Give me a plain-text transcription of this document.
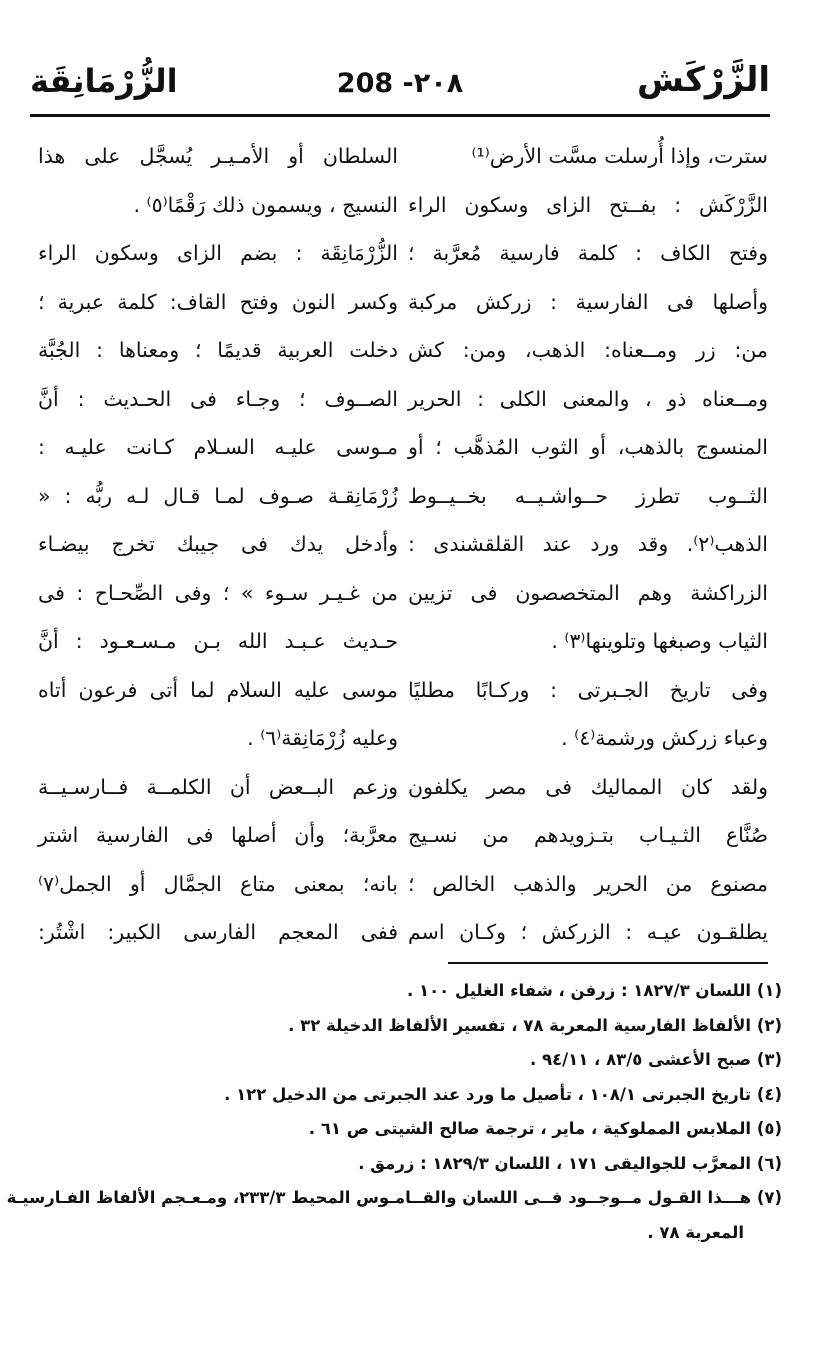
الزَّرْكَش
208 -٢٠٨
الزُّرْمَانِقَة
سترت، وإذا أُرسلت مسَّت الأرض⁽¹⁾
الزَّرْكَش : بفــتح الزاى وسكون الراء
وفتح الكاف : كلمة فارسية مُعرَّبة ؛
وأصلها فى الفارسية : زركش مركبة
من: زر ومــعناه: الذهب، ومن: كش
ومــعناه ذو ، والمعنى الكلى : الحرير
المنسوج بالذهب، أو الثوب المُذهَّب ؛ أو
الثــوب تطرز حــواشـيــه بخــيــوط
الذهب⁽٢⁾. وقد ورد عند القلقشندى :
الزراكشة وهم المتخصصون فى تزيين
الثياب وصبغها وتلوينها⁽٣⁾ .
وفى تاريخ الجـبرتى : وركـابًا مطليًا
وعباء زركش ورشمة⁽٤⁾ .
ولقد كان المماليك فى مصر يكلفون
صُنَّاع الثـيـاب بتـزويدهم من نسـيج
مصنوع من الحرير والذهب الخالص ؛
يطلقـون عيـه : الزركش ؛ وكـان اسم
السلطان أو الأمـيـر يُسجَّل على هذا
النسيج ، ويسمون ذلك رَقْمًا⁽٥⁾ .
الزُّرْمَانِقَة : بضم الزاى وسكون الراء
وكسر النون وفتح القاف: كلمة عبرية ؛
دخلت العربية قديمًا ؛ ومعناها : الجُبَّة
الصــوف ؛ وجـاء فى الحـديث : أنَّ
مـوسى عليـه السـلام كـانت عليـه :
زُرْمَانِقـة صـوف لمـا قـال لـه ربُّه : «
وأدخل يدك فى جيبك تخرج بيضـاء
من غـيـر سـوء » ؛ وفى الصِّحـاح : فى
حـديث عـبـد الله بـن مـسـعـود : أنَّ
موسى عليه السلام لما أتى فرعون أتاه
وعليه زُرْمَانِقة⁽٦⁾ .
وزعم البــعض أن الكلمــة فــارسـيــة
معرَّبة؛ وأن أصلها فى الفارسية اشتر
بانه؛ بمعنى متاع الجمَّال أو الجمل⁽٧⁾
ففى المعجم الفارسى الكبير: اشْتُر:
(١) اللسان ١٨٢٧/٣ : زرفن ، شفاء الغليل ١٠٠ .
(٢) الألفاظ الفارسية المعربة ٧٨ ، تفسير الألفاظ الدخيلة ٣٢ .
(٣) صبح الأعشى ٨٣/٥ ، ٩٤/١١ .
(٤) تاريخ الجبرتى ١٠٨/١ ، تأصيل ما ورد عند الجبرتى من الدخيل ١٢٢ .
(٥) الملابس المملوكية ، ماير ، ترجمة صالح الشيتى ص ٦١ .
(٦) المعرَّب للجواليقى ١٧١ ، اللسان ١٨٢٩/٣ : زرمق .
(٧) هـــذا القـول مــوجــود فــى اللسان والقــامـوس المحيط ٢٣٣/٣، ومـعـجم الألفاظ الفـارسيـة
المعربة ٧٨ .
